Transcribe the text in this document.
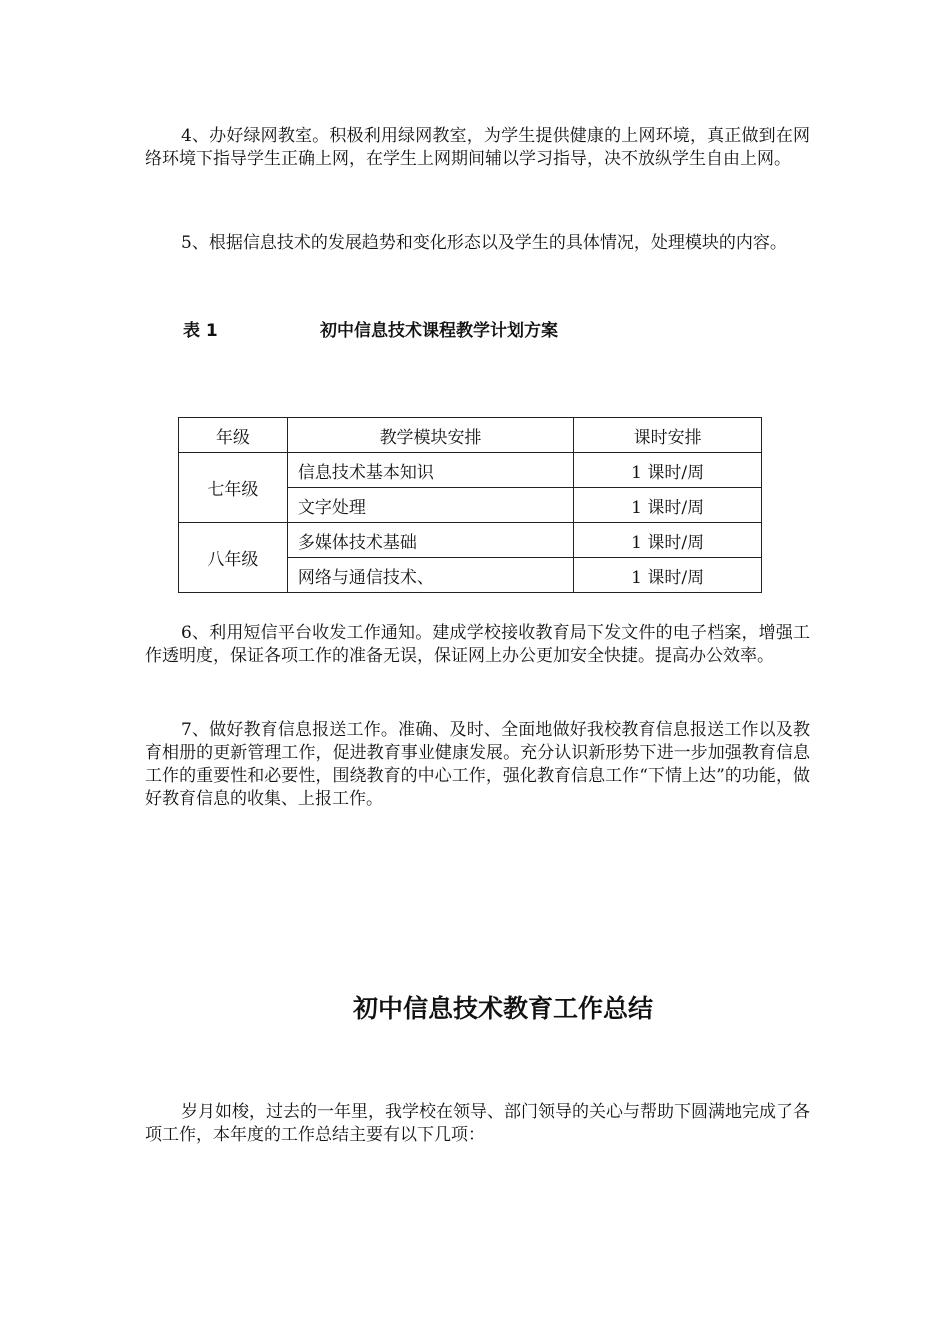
4、办好绿网教室。积极利用绿网教室，为学生提供健康的上网环境，真正做到在网络环境下指导学生正确上网，在学生上网期间辅以学习指导，决不放纵学生自由上网。

5、根据信息技术的发展趋势和变化形态以及学生的具体情况，处理模块的内容。

表 1	初中信息技术课程教学计划方案
年级	教学模块安排	课时安排
七年级	信息技术基本知识	1 课时/周
	文字处理	1 课时/周
八年级	多媒体技术基础	1 课时/周
	网络与通信技术、	1 课时/周

6、利用短信平台收发工作通知。建成学校接收教育局下发文件的电子档案，增强工作透明度，保证各项工作的准备无误，保证网上办公更加安全快捷。提高办公效率。

7、做好教育信息报送工作。准确、及时、全面地做好我校教育信息报送工作以及教育相册的更新管理工作，促进教育事业健康发展。充分认识新形势下进一步加强教育信息工作的重要性和必要性，围绕教育的中心工作，强化教育信息工作“下情上达”的功能，做好教育信息的收集、上报工作。

初中信息技术教育工作总结

岁月如梭，过去的一年里，我学校在领导、部门领导的关心与帮助下圆满地完成了各项工作，本年度的工作总结主要有以下几项：
